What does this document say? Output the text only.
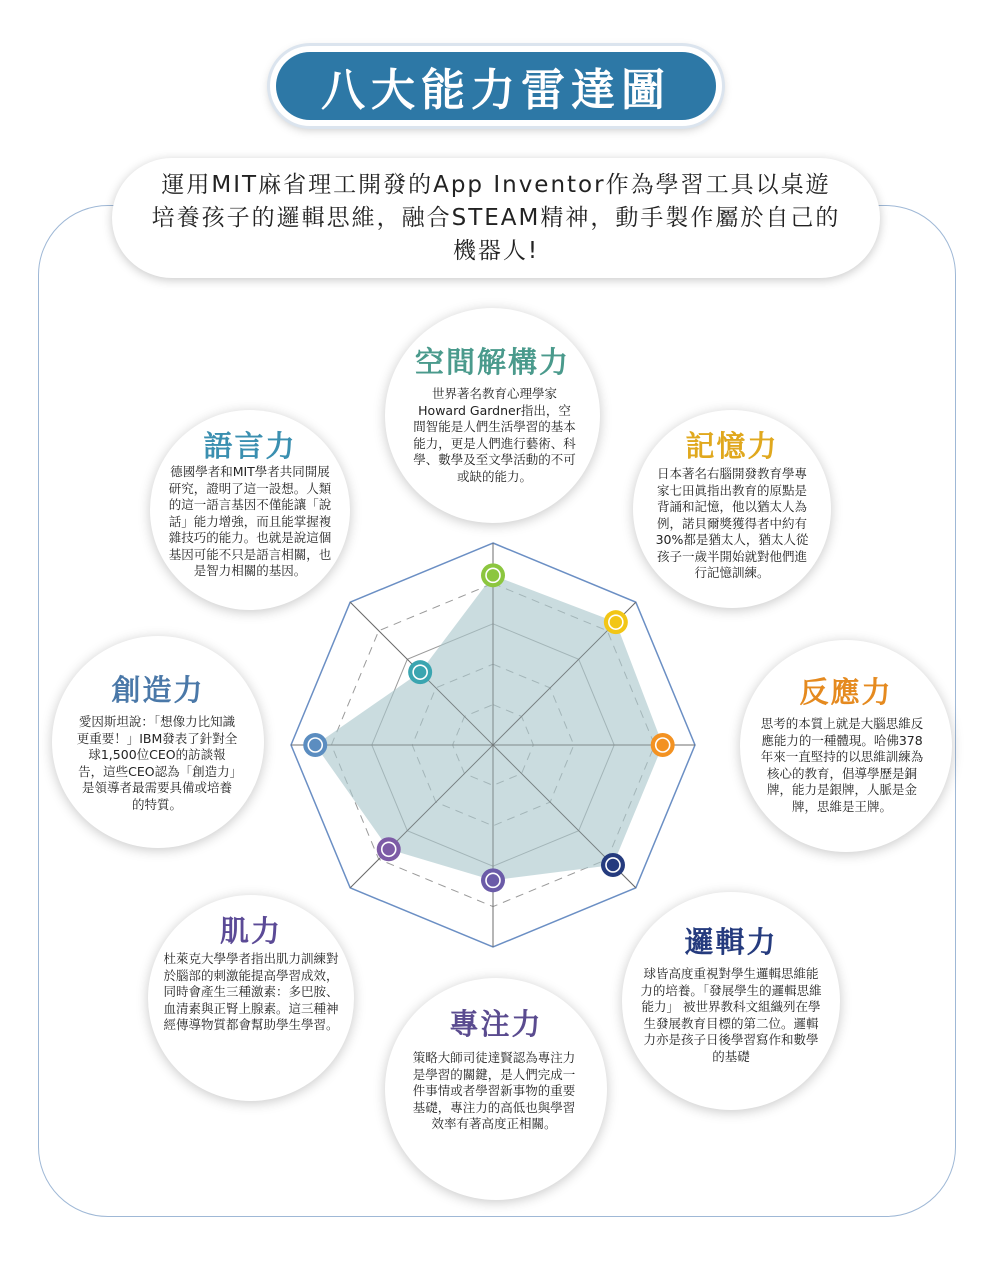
八大能力雷達圖
運用MIT麻省理工開發的App Inventor作為學習工具以桌遊培養孩子的邏輯思維，融合STEAM精神，動手製作屬於自己的機器人!
空間解構力
世界著名教育心理學家Howard Gardner指出，空間智能是人們生活學習的基本能力，更是人們進行藝術、科學、數學及至文學活動的不可或缺的能力。
記憶力
日本著名右腦開發教育學專家七田眞指出教育的原點是背誦和記憶，他以猶太人為例，諾貝爾獎獲得者中約有30%都是猶太人，猶太人從孩子一歲半開始就對他們進行記憶訓練。
反應力
思考的本質上就是大腦思維反應能力的一種體現。哈佛378年來一直堅持的以思維訓練為核心的教育，倡導學歷是銅牌，能力是銀牌，人脈是金牌，思維是王牌。
邏輯力
球皆高度重視對學生邏輯思維能力的培養。「發展學生的邏輯思維能力」 被世界教科文組織列在學生發展教育目標的第二位。邏輯力亦是孩子日後學習寫作和數學的基礎
專注力
策略大師司徒達賢認為專注力是學習的關鍵，是人們完成一件事情或者學習新事物的重要基礎，專注力的高低也與學習效率有著高度正相關。
肌力
杜萊克大學學者指出肌力訓練對於腦部的刺激能提高學習成效，同時會產生三種激素：多巴胺、血清素與正腎上腺素。這三種神經傳導物質都會幫助學生學習。
創造力
愛因斯坦說：「想像力比知識更重要！」IBM發表了針對全球1,500位CEO的訪談報告，這些CEO認為「創造力」是領導者最需要具備或培養的特質。
語言力
德國學者和MIT學者共同開展研究，證明了這一設想。人類的這一語言基因不僅能讓「說話」能力增強，而且能掌握複雜技巧的能力。也就是說這個基因可能不只是語言相關，也是智力相關的基因。
